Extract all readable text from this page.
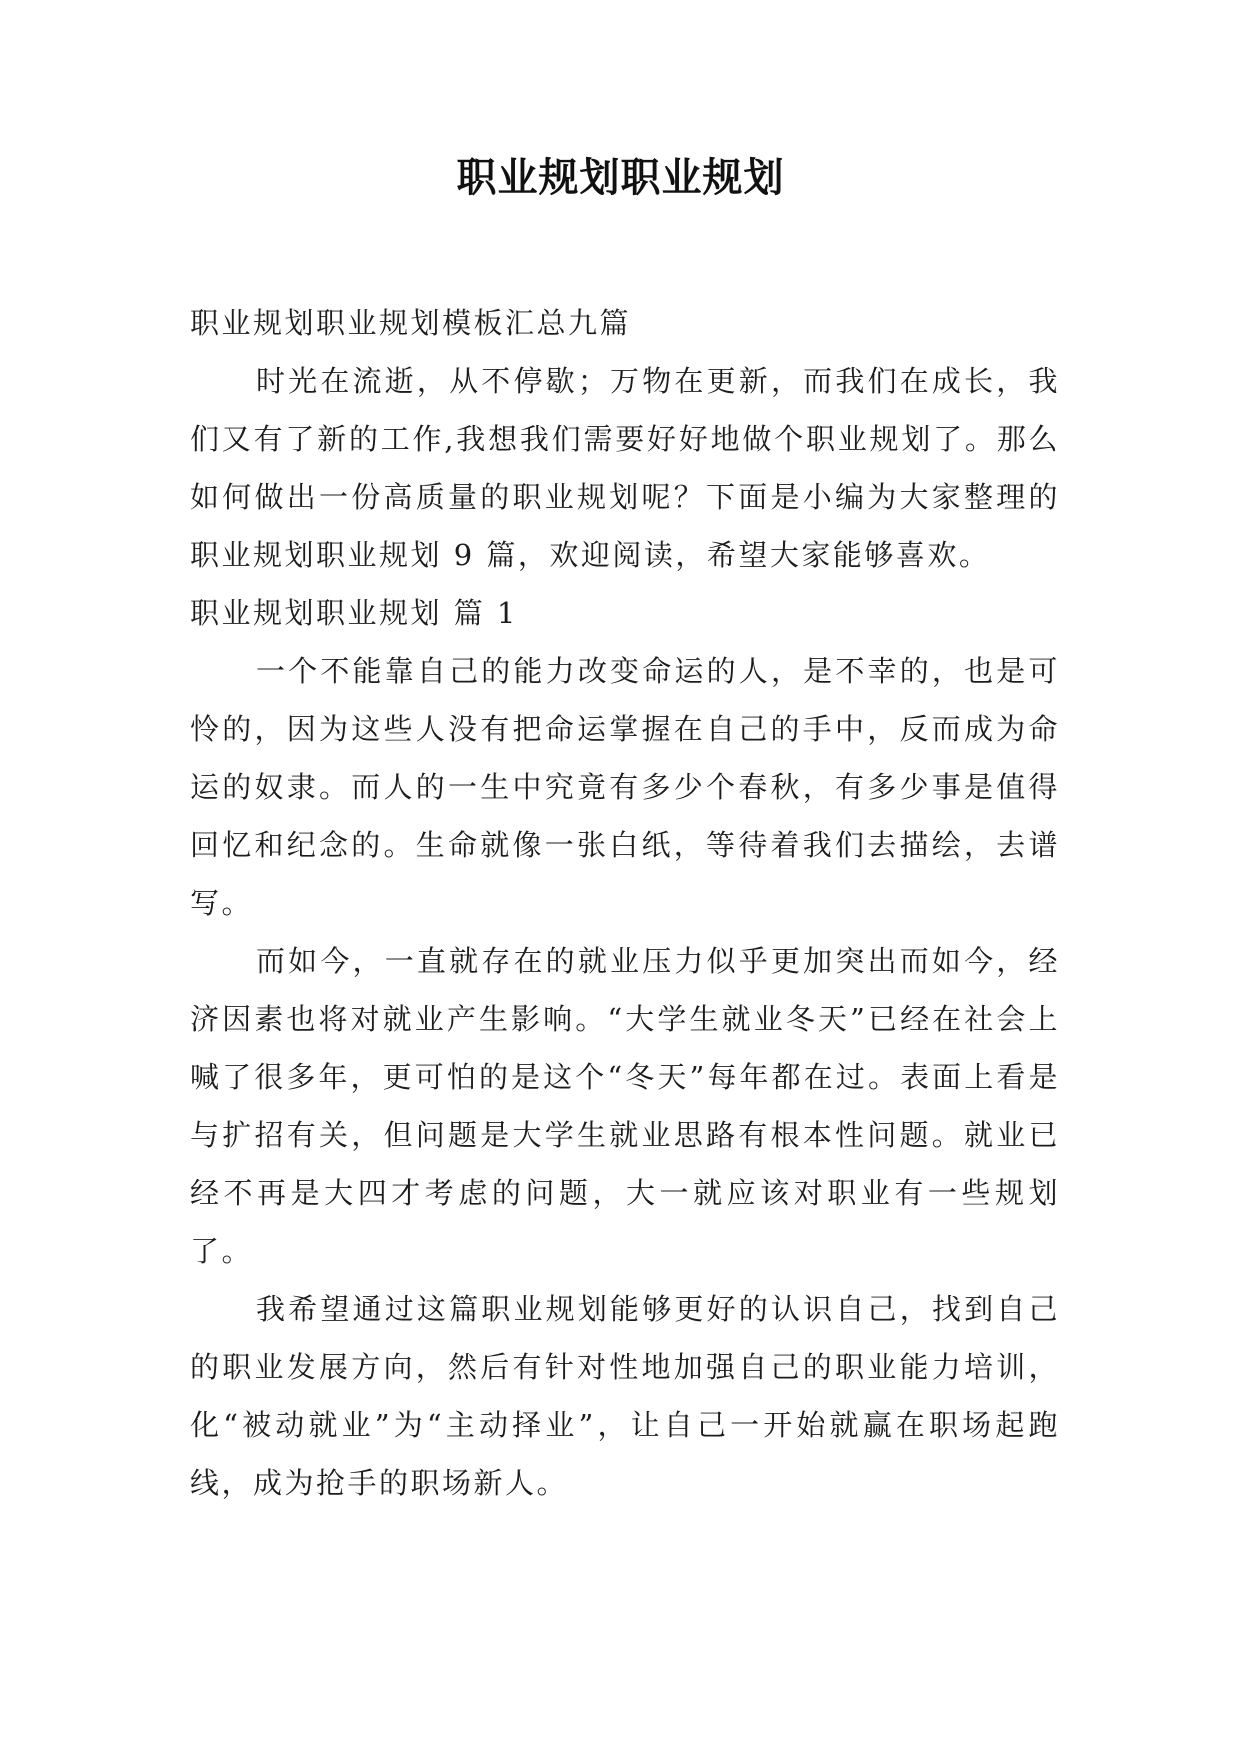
职业规划职业规划

职业规划职业规划模板汇总九篇

时光在流逝，从不停歇；万物在更新，而我们在成长，我们又有了新的工作,我想我们需要好好地做个职业规划了。那么如何做出一份高质量的职业规划呢？下面是小编为大家整理的职业规划职业规划 9 篇，欢迎阅读，希望大家能够喜欢。

职业规划职业规划 篇 1

一个不能靠自己的能力改变命运的人，是不幸的，也是可怜的，因为这些人没有把命运掌握在自己的手中，反而成为命运的奴隶。而人的一生中究竟有多少个春秋，有多少事是值得回忆和纪念的。生命就像一张白纸，等待着我们去描绘，去谱写。

而如今，一直就存在的就业压力似乎更加突出而如今，经济因素也将对就业产生影响。“大学生就业冬天”已经在社会上喊了很多年，更可怕的是这个“冬天”每年都在过。表面上看是与扩招有关，但问题是大学生就业思路有根本性问题。就业已经不再是大四才考虑的问题，大一就应该对职业有一些规划了。

我希望通过这篇职业规划能够更好的认识自己，找到自己的职业发展方向，然后有针对性地加强自己的职业能力培训，化“被动就业”为“主动择业”，让自己一开始就赢在职场起跑线，成为抢手的职场新人。
